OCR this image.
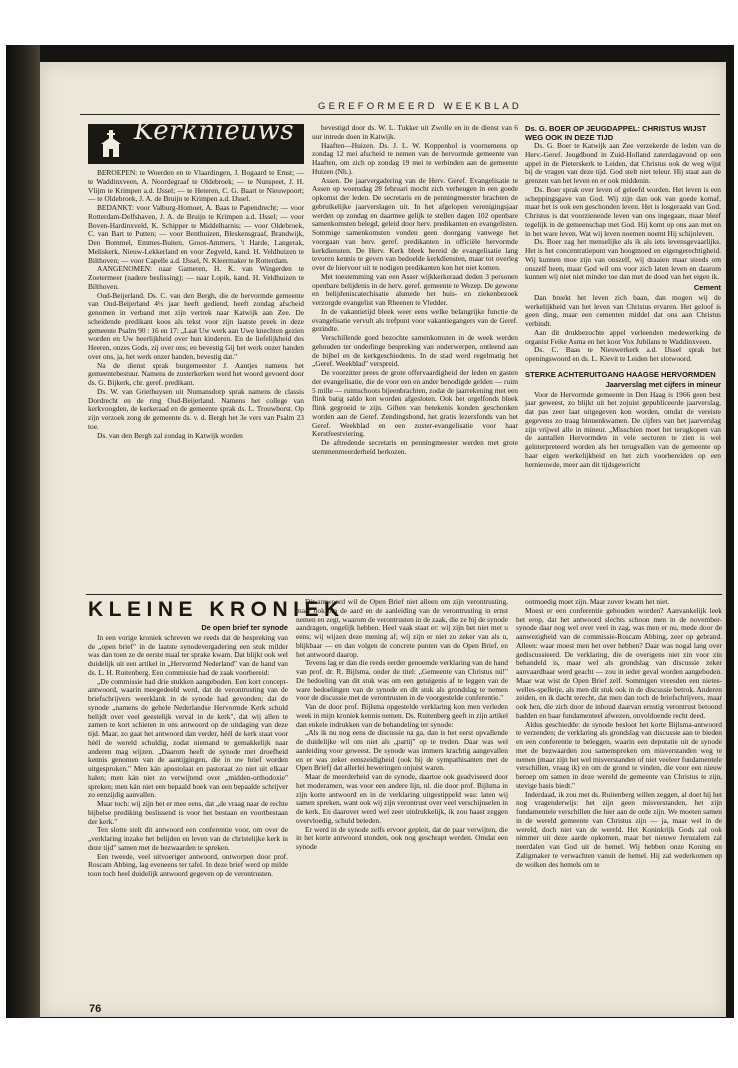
GEREFORMEERD WEEKBLAD
Kerknieuws

BEROEPEN: te Woerden en te Vlaardingen, J. Bogaard te Emst; — te Waddinxveen, A. Noordegraaf te Oldebroek; — te Nunspeet, J. H. Vlijm te Krimpen a.d. IJssel; — te Heteren, C. G. Baart te Nieuwpoort; — te Oldebroek, J. A. de Bruijn te Krimpen a.d. IJssel.

BEDANKT: voor Valburg-Homoet, A. Baas te Papendrecht; — voor Rotterdam-Delfshaven, J. A. de Bruijn te Krimpen a.d. IJssel; — voor Boven-Hardinxveld, K. Schipper te Middelharnis; — voor Oldebroek, C. van Bart te Putten; — voor Benthuizen, Bleskensgraaf, Brandwijk, Den Bommel, Emmes-Buiten, Groot-Ammers, 't Harde, Langerak, Meliskerk, Nieuw-Lekkerland en voor Zegveld, kand. H. Veldhuizen te Bilthoven; — voor Capelle a.d. IJssel, N. Kleermaker te Rotterdam.

AANGENOMEN: naar Gameren, H. K. van Wingerden te Zoetermeer (nadere beslissing); — naar Lopik, kand. H. Veldhuizen te Bilthoven.

Oud-Beijerland. Ds. C. van den Bergh, die de hervormde gemeente van Oud-Beijerland 4½ jaar heeft gediend, heeft zondag afscheid genomen in verband met zijn vertrek naar Katwijk aan Zee. De scheidende predikant koos als tekst voor zijn laatste preek in deze gemeente Psalm 90 : 16 en 17: „Laat Uw werk aan Uwe knechten gezien worden en Uw heerlijkheid over hun kinderen. En de liefelijkheid des Heeren, onzes Gods, zij over ons; en bevestig Gij het werk onzer handen over ons, ja, het werk onzer handen, bevestig dat."

Na de dienst sprak burgemeester J. Aantjes namens het gemeentebestuur. Namens de zusterkerken werd het woord gevoerd door ds. G. Bijkerk, chr. geref. predikant.

Ds. W. van Griethuysen uit Numansdorp sprak namens de classis Dordrecht en de ring Oud-Beijerland. Namens het college van kerkvoogden, de kerkeraad en de gemeente sprak ds. L. Trouwborst. Op zijn verzoek zong de gemeente ds. v. d. Bergh het 3e vers van Psalm 23 toe.

Ds. van den Bergh zal zondag in Katwijk worden

bevestigd door ds. W. L. Tukker uit Zwolle en in de dienst van 6 uur intrede doen in Katwijk.

Haaften—Huizen. Ds. J. L. W. Koppenhol is voornemens op zondag 12 mei afscheid te nemen van de hervormde gemeente van Haaften, om zich op zondag 19 mei te verbinden aan de gemeente Huizen (Nh.).

Assen. De jaarvergadering van de Herv. Geref. Evangelisatie te Assen op woensdag 28 februari mocht zich verheugen in een goede opkomst der leden. De secretaris en de penningmeester brachten de gebruikelijke jaarverslagen uit. In het afgelopen verenigingsjaar werden op zondag en daarmee gelijk te stellen dagen 102 openbare samenkomsten belegd, geleid door herv. predikanten en evangelisten. Sommige samenkomsten vonden geen doorgang vanwege het voorgaan van herv. geref. predikanten in officiële hervormde kerkdiensten. De Herv. Kerk bleek bereid de evangelisatie lang tevoren kennis te geven van bedoelde kerkdiensten, maar tot overleg over de hiervoor uit te nodigen predikanten kon het niet komen.

Met toestemming van een Asser wijkkerkeraad deden 3 personen openbare belijdenis in de herv. geref. gemeente te Wezep. De gewone en belijdeniscatechisatie alsmede het huis- en ziekenbezoek verzorgde evangelist van Rheenen te Vledder.

In de vakantietijd bleek weer eens welke belangrijke functie de evangelisatie vervult als trefpunt voor vakantiegangers van de Geref. gezindte.

Verschillende goed bezochte samenkomsten in de week werden gehouden ter onderlinge bespreking van onderwerpen, ontleend aan de bijbel en de kerkgeschiedenis. In de stad werd regelmatig het „Geref. Weekblad" verspreid.

De voorzitter prees de grote offervaardigheid der leden en gasten der evangelisatie, die de voor een en ander benodigde gelden — ruim 5 mille — ruimschoots bijeenbrachten, zodat de jaarrekening met een flink batig saldo kon worden afgesloten. Ook het orgelfonds bleek flink gegroeid te zijn. Giften van betekenis konden geschonken worden aan de Geref. Zendingsbond, het gratis lezersfonds van het Geref. Weekblad en een zuster-evangelisatie voor haar Kerstfeestviering.

De aftredende secretaris en penningmeester werden met grote stemmenmeerderheid herkozen.

Ds. G. BOER OP JEUGDAPPEL: CHRISTUS WIJST WEG OOK IN DEZE TIJD

Ds. G. Boer te Katwijk aan Zee verzekerde de leden van de Herv.-Geref. Jeugdbond in Zuid-Holland zaterdagavond op een appel in de Pieterskerk te Leiden, dat Christus ook de weg wijst bij de vragen van deze tijd. God stelt niet teleur. Hij staat aan de grenzen van het leven en er ook middenin.

Ds. Boer sprak over leven of geleefd worden. Het leven is een scheppingsgave van God. Wij zijn dan ook van goede komaf, maar het is ook een geschonden leven. Het is losgeraakt van God. Christus is dat voorzienende leven van ons ingegaan, maar bleef tegelijk in de gemeenschap met God. Hij komt op ons aan met en in het ware leven. Wat wij leven noemen noemt Hij schijnleven.

Ds. Boer zag het menselijke als ik als iets levensgevaarlijks. Het is het concentratiepunt van hoogmoed en eigengerechtigheid. Wij kunnen moe zijn van onszelf, wij draaien maar steeds om onszelf heen, maar God wil ons voor zich laten leven en daarom kunnen wij niet niet minder toe dan met de dood van het eigen ik.

Cement

Dan breekt het leven zich baan, dan mogen wij de werkelijkheid van het leven van Christus ervaren. Het geloof is geen ding, maar een cementen middel dat ons aan Christus verbindt.

Aan dit drukbezochte appel verleenden medewerking de organist Feike Asma en het koor Vox Jubilans te Waddinxveen.

Ds. C. Baas te Nieuwerkerk a.d. IJssel sprak het openingswoord en ds. L. Kievit te Leiden het slotwoord.

STERKE ACHTERUITGANG HAAGSE HERVORMDEN
Jaarverslag met cijfers in mineur

Voor de Hervormde gemeente in Den Haag is 1966 geen best jaar geweest, zo blijkt uit het zojuist gepubliceerde jaarverslag, dat pas zeer laat uitgegeven kon worden, omdat de vereiste gegevens zo traag binnenkwamen. De cijfers van het jaarverslag zijn vrijwel alle in mineur. „Misschien moet het terugkopen van de aantallen Hervormden in vele sectoren te zien is wel geïnterpreteerd worden als het terugvallen van de gemeente op haar eigen werkelijkheid en het zich voorbereiden op een hernieuwde, meer aan dit tijdsgewricht

KLEINE KRONIEK
De open brief ter synode

In een vorige kroniek schreven we reeds dat de bespreking van de „open brief" in de laatste synodevergadering een stuk milder was dan toen ze de eerste maal ter sprake kwam. Dat blijkt ook wel duidelijk uit een artikel in „Hervormd Nederland" van de hand van ds. L. H. Ruitenberg. Een commissie had de zaak voorbereid:

„De commissie had drie stukken aangeboden. Een kort concept-antwoord, waarin meegedeeld werd, dat de verontrusting van de briefschrijvers weerklank in de synode had gevonden; dat de synode „namens de gehele Nederlandse Hervormde Kerk schuld belijdt over veel geestelijk verval in de kerk", dat wij allen te zamen te kort schieten in ons antwoord op de uitdaging van deze tijd. Maar, zo gaat het antwoord dan verder, héél de kerk staat voor héél de wereld schuldig, zodat niemand te gemakkelijk naar anderen mag wijzen. „Daarom heeft de synode met droefheid kennis genomen van de aantijgingen, die in uw brief worden uitgesproken." Men kán apostolaat en pastoraat zo niet uit elkaar halen; men kán niet zo verwijtend over „midden-orthodoxie" spreken; men kán niet een bepaald boek van een bepaalde schrijver zo eenzijdig aanvallen.

Maar toch: wij zijn het er mee eens, dat „de vraag naar de rechte bijbelse prediking beslissend is voor het bestaan en voortbestaan der kerk."

Ten slotte stelt dit antwoord een conferentie voor, om over de „verklaring inzake het belijden en leven van de christelijke kerk in deze tijd" samen met de bezwaarden te spreken.

Een tweede, veel uitvoeriger antwoord, ontworpen door prof. Roscam Abbing, lag eveneens ter tafel. In deze brief werd op milde toon toch heel duidelijk antwoord gegeven op de verontrusten.

Dit antwoord wil de Open Brief niet alleen om zijn verontrusting, maar ook om de aard en de aanleiding van de verontrusting in ernst nemen en zegt, waarom de verontrusten in de zaak, die ze bij de synode aandragen, ongelijk hebben. Heel vaak staat er: wij zijn het niet met u eens; wij wijzen deze mening af; wíj zijn er niet zo zeker van als u, blijkbaar — en dan volgen de concrete punten van de Open Brief, en het antwoord daarop.

Tevens lag er dan die reeds eerder genoemde verklaring van de hand van prof. dr. R. Bijlsma, onder de titel: „Gemeente van Christus nú!" De bedoeling van dit stuk was om een getuigenis af te leggen van de ware bedoelingen van de synode en dit stuk als grondslag te nemen voor de discussie met de verontrusten in de voorgestelde conferentie."

Van de door prof. Bijlsma opgestelde verklaring kon men verleden week in mijn kroniek kennis nemen. Ds. Ruitenberg geeft in zijn artikel dan enkele indrukken van de behandeling ter synode:

„Als ik nu nog eens de discussie na ga, dan is het eerst opvallende de duidelijke wil om niet als „partij" op te treden. Daar was wel aanleiding voor geweest. De synode was immers krachtig aangevallen en er was zeker eenszeidigheid (ook bij de sympathisanten met de Open Brief) dat allerlei beweringen onjuist waren.

Maar de meerderheid van de synode, daartoe ook geadviseerd door het moderamen, was voor een andere lijn, nl. die door prof. Bijlsma in zijn korte antwoord en in de verklaring uitgestippeld was: laten wij samen spreken, want ook wij zijn verontrust over veel verschijnselen in de kerk. En daarover werd wel zeer uitdrukkelijk, ik zou haast zeggen overvloedig, schuld beleden.

Er werd in de synode zelfs ervoor gepleit, dat de paar verwijten, die in het korte antwoord stonden, ook nog geschrapt werden. Omdat een synode

ootmoedig moet zijn. Maar zover kwam het niet.

Moest er een conferentie gehouden worden? Aanvankelijk leek het erop, dat het antwoord slechts schoon men in de november-synode daar nog wel over veel in zag, was men er nu, mede door de aanwezigheid van de commissie-Roscam Abbing, zeer op gebrand. Alleen: waar moest men het over hebben? Daar was nogal lang over gediscussieerd. De verklaring, die de overigens niet zin voor zin behandeld is, maar wel als grondslag van discussie zeker aanvaardbaar werd geacht — zou in ieder geval worden aangeboden. Maar wat wist de Open Brief zelf. Sommigen vreesden een nietes-welles-spelletje, als men dit stuk ook in de discussie betrok. Anderen zeiden, en ik dacht terecht, dat men dan toch de briefschrijvers, maar ook hen, die zich door de inhoud daarvan ernstig verontrust betoond hadden en haar fundamenteel afwezen, onvoldoende recht deed.

Aldus geschiedde: de synode besloot het korte Bijlsma-antwoord te verzenden; de verklaring als grondslag van discussie aan te bieden en een conferentie te beleggen, waarin een deputatie uit de synode met de bezwaarden zou samenspreken om misverstanden weg te nemen (maar zijn het wel misverstanden of niet veeleer fundamentele verschillen, vraag ik) en om de grond te vinden, die voor een nieuw beroep om samen in deze wereld de gemeente van Christus te zijn, stevige basis biedt."

Inderdaad, ik zou met ds. Ruitenberg willen zeggen, al doet hij het nog vragenderwijs: het zijn geen misverstanden, het zijn fundamentele verschillen die hier aan de orde zijn. We moeten samen in de wereld gemeente van Christus zijn — ja, maar wel in de wereld, doch niet van de wereld. Het Koninkrijk Gods zal ook nimmer uit deze aarde opkomen, maar het nieuwe Jeruzalem zal neerdalen van God uit de hemel. Wij hebben onze Koning en Zaligmaker te verwachten vanuit de hemel. Hij zal wederkomen op de wolken des hemels om te

76
